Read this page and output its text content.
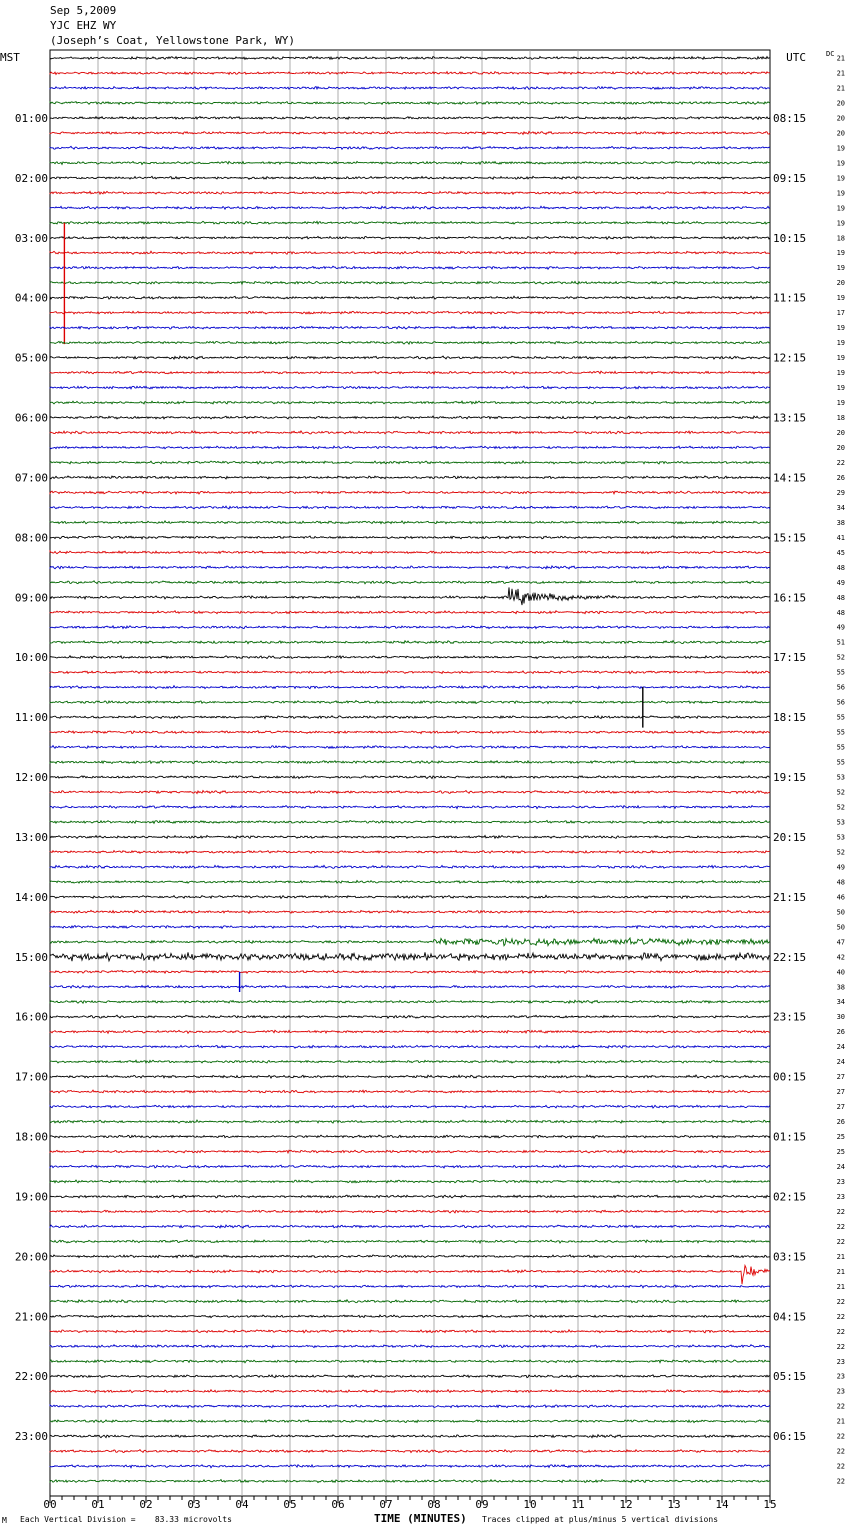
Sep 5,2009
YJC EHZ WY
(Joseph’s Coat, Yellowstone Park, WY)
21
21
21
20
20
20
19
19
19
19
19
19
18
19
19
20
19
17
19
19
19
19
19
19
18
20
20
22
26
29
34
38
41
45
48
49
48
48
49
51
52
55
56
56
55
55
55
55
53
52
52
53
53
52
49
48
46
50
50
47
42
40
38
34
30
26
24
24
27
27
27
26
25
25
24
23
23
22
22
22
21
21
21
22
22
22
22
23
23
23
22
21
22
22
22
22
DC
MST	UTC
01:00
02:00
03:00
04:00
05:00
06:00
07:00
08:00
09:00
10:00
11:00
12:00
13:00
14:00
15:00
16:00
17:00
18:00
19:00
20:00
21:00
22:00
23:00
08:15
09:15
10:15
11:15
12:15
13:15
14:15
15:15
16:15
17:15
18:15
19:15
20:15
21:15
22:15
23:15
00:15
01:15
02:15
03:15
04:15
05:15
06:15
00	01	02	03	04	05	06	07	08	09	10	11	12	13	14	15
M Each Vertical Division =    83.33 microvolts	TIME (MINUTES) Traces clipped at plus/minus 5 vertical divisions
